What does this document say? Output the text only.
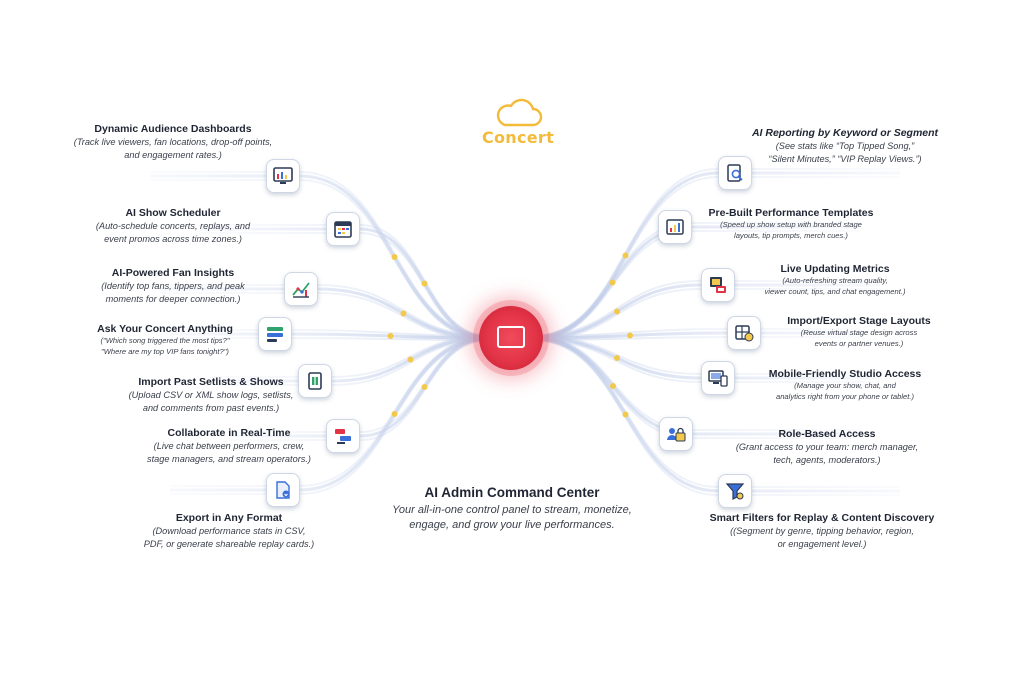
Concert
AI Admin Command Center
Your all-in-one control panel to stream, monetize,
engage, and grow your live performances.
Dynamic Audience Dashboards
(Track live viewers, fan locations, drop-off points,
and engagement rates.)
AI Show Scheduler
(Auto-schedule concerts, replays, and
event promos across time zones.)
AI-Powered Fan Insights
(Identify top fans, tippers, and peak
moments for deeper connection.)
Ask Your Concert Anything
("Which song triggered the most tips?"
"Where are my top VIP fans tonight?")
Import Past Setlists & Shows
(Upload CSV or XML show logs, setlists,
and comments from past events.)
Collaborate in Real-Time
(Live chat between performers, crew,
stage managers, and stream operators.)
Export in Any Format
(Download performance stats in CSV,
PDF, or generate shareable replay cards.)
AI Reporting by Keyword or Segment
(See stats like “Top Tipped Song,”
“Silent Minutes,” “VIP Replay Views.”)
Pre-Built Performance Templates
(Speed up show setup with branded stage
layouts, tip prompts, merch cues.)
Live Updating Metrics
(Auto-refreshing stream quality,
viewer count, tips, and chat engagement.)
Import/Export Stage Layouts
(Reuse virtual stage design across
events or partner venues.)
Mobile-Friendly Studio Access
(Manage your show, chat, and
analytics right from your phone or tablet.)
Role-Based Access
(Grant access to your team: merch manager,
tech, agents, moderators.)
Smart Filters for Replay & Content Discovery
((Segment by genre, tipping behavior, region,
or engagement level.)
